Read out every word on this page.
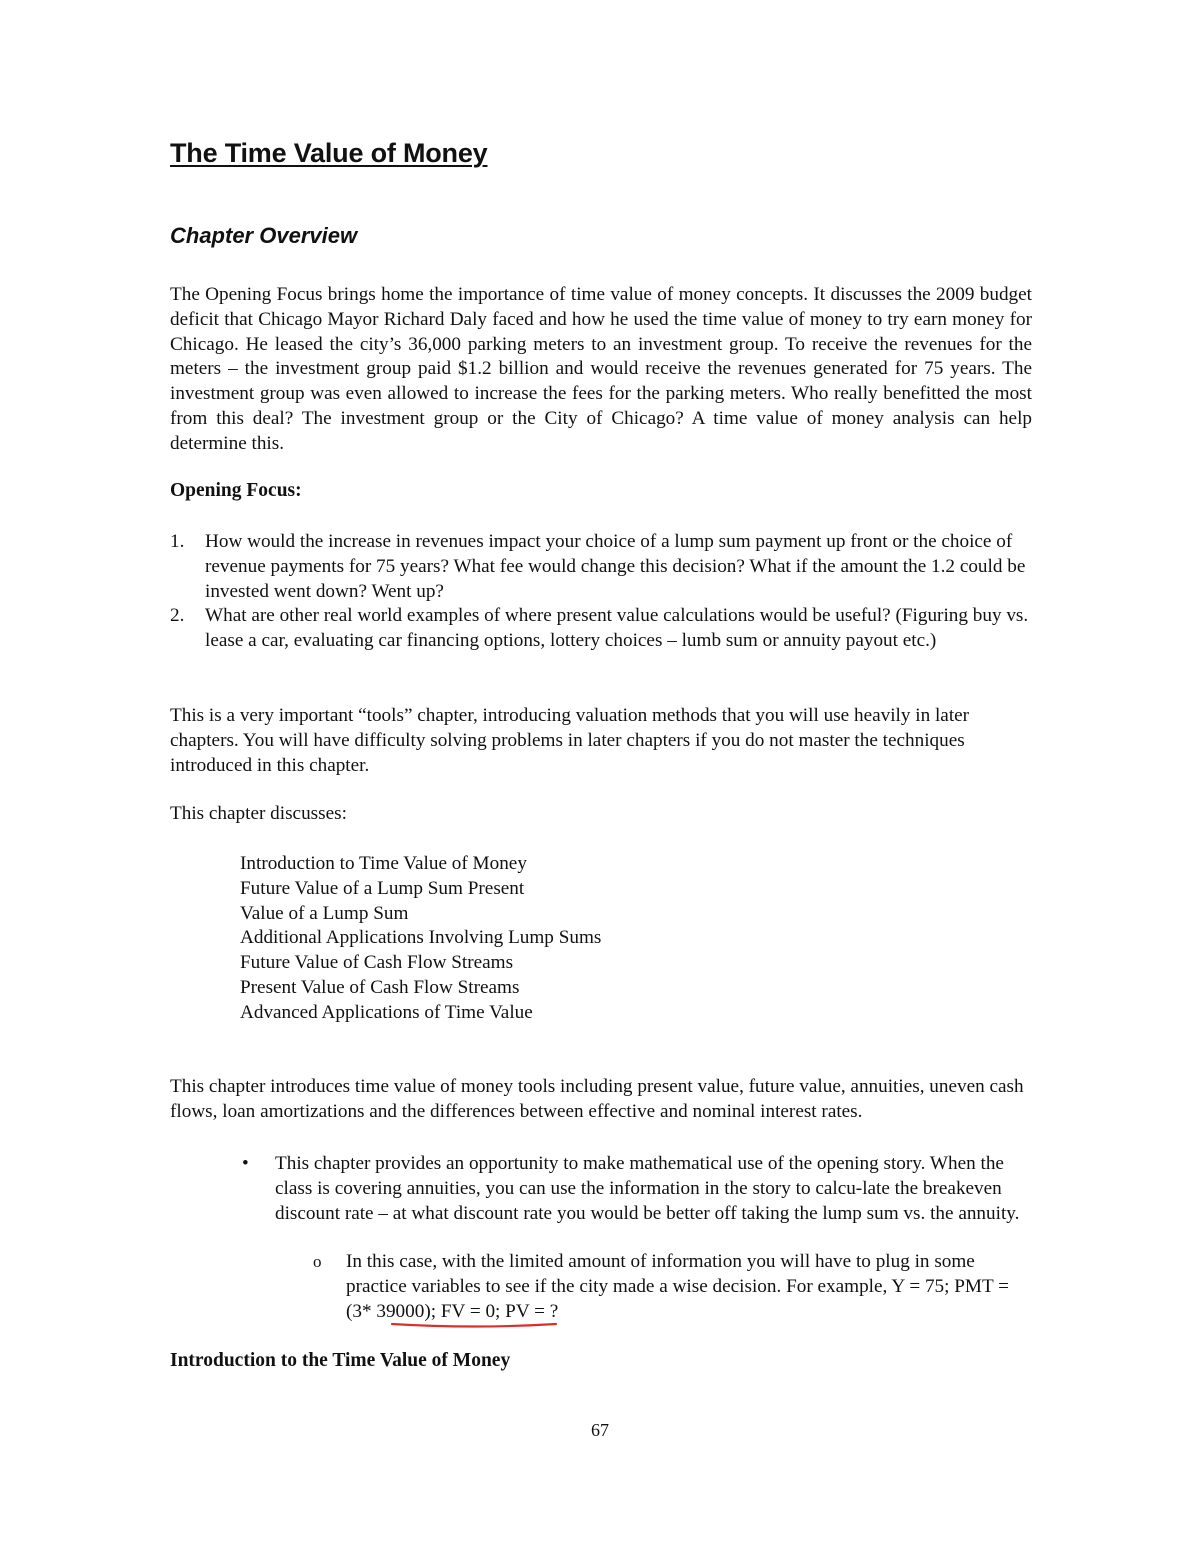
The Time Value of Money
Chapter Overview

The Opening Focus brings home the importance of time value of money concepts. It discusses the 2009 budget deficit that Chicago Mayor Richard Daly faced and how he used the time value of money to try earn money for Chicago. He leased the city’s 36,000 parking meters to an investment group. To receive the revenues for the meters – the investment group paid $1.2 billion and would receive the revenues generated for 75 years. The investment group was even allowed to increase the fees for the parking meters. Who really benefitted the most from this deal? The investment group or the City of Chicago? A time value of money analysis can help determine this.

Opening Focus:
1. How would the increase in revenues impact your choice of a lump sum payment up front or the choice of revenue payments for 75 years? What fee would change this decision? What if the amount the 1.2 could be invested went down? Went up?
2. What are other real world examples of where present value calculations would be useful? (Figuring buy vs. lease a car, evaluating car financing options, lottery choices – lumb sum or annuity payout etc.)

This is a very important “tools” chapter, introducing valuation methods that you will use heavily in later chapters. You will have difficulty solving problems in later chapters if you do not master the techniques introduced in this chapter.

This chapter discusses:

Introduction to Time Value of Money
Future Value of a Lump Sum Present
Value of a Lump Sum
Additional Applications Involving Lump Sums
Future Value of Cash Flow Streams
Present Value of Cash Flow Streams
Advanced Applications of Time Value

This chapter introduces time value of money tools including present value, future value, annuities, uneven cash flows, loan amortizations and the differences between effective and nominal interest rates.

• This chapter provides an opportunity to make mathematical use of the opening story. When the class is covering annuities, you can use the information in the story to calcu-late the breakeven discount rate – at what discount rate you would be better off taking the lump sum vs. the annuity.

o In this case, with the limited amount of information you will have to plug in some practice variables to see if the city made a wise decision. For example, Y = 75; PMT = (3* 39000); FV = 0; PV = ?

Introduction to the Time Value of Money
67
